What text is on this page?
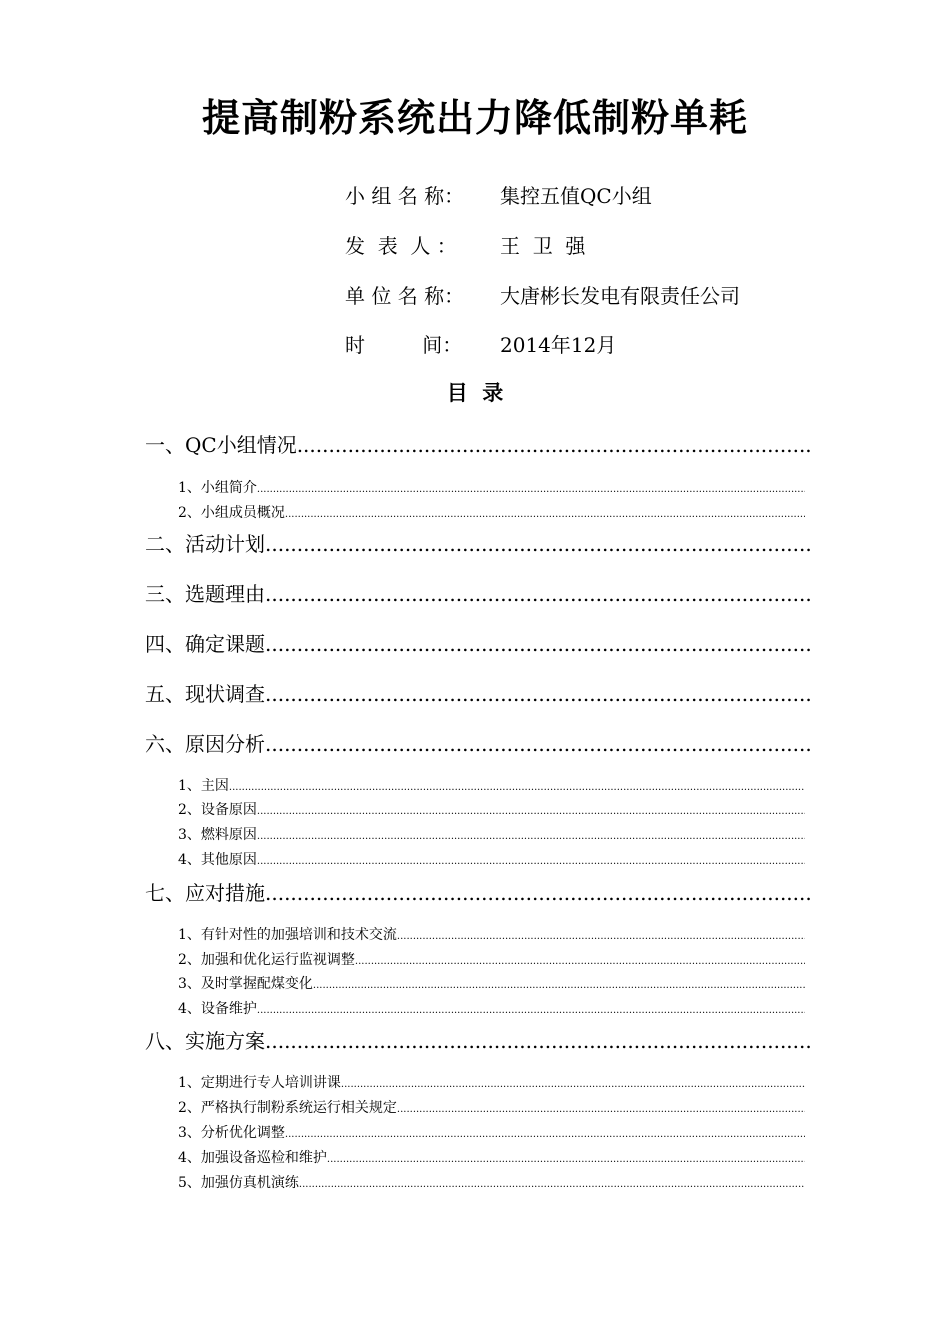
提高制粉系统出力降低制粉单耗
小 组 名 称：	集控五值QC小组
发  表  人 ：	王  卫  强
单 位 名 称：	大唐彬长发电有限责任公司
时         间：	2014年12月
目  录
一、QC小组情况
.....
1、小组简介
.....
2、小组成员概况
.....
二、活动计划
.....
三、选题理由
.....
四、确定课题
.....
五、现状调查
.....
六、原因分析
.....
1、主因
.....
2、设备原因
.....
3、燃料原因
.....
4、其他原因
.....
七、应对措施
.....
1、有针对性的加强培训和技术交流
.....
2、加强和优化运行监视调整
.....
3、及时掌握配煤变化
.....
4、设备维护
.....
八、实施方案
.....
1、定期进行专人培训讲课
.....
2、严格执行制粉系统运行相关规定
.....
3、分析优化调整
.....
4、加强设备巡检和维护
.....
5、加强仿真机演练
.....
